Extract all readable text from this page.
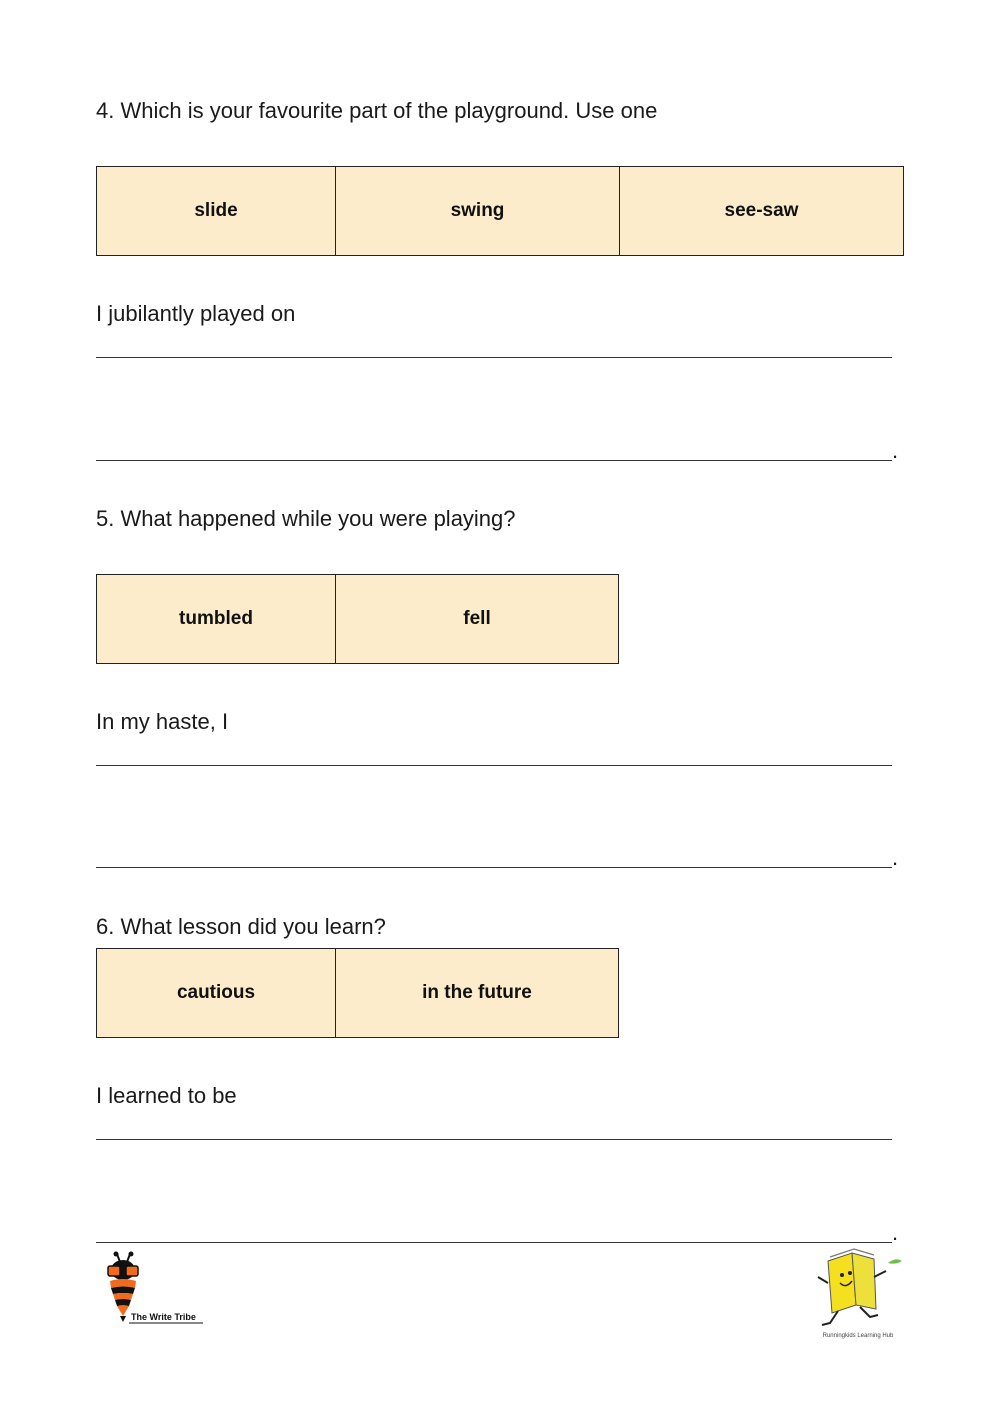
4. Which is your favourite part of the playground. Use one

slide	swing	see-saw

I jubilantly played on

.

5. What happened while you were playing?

tumbled	fell

In my haste, I

.

6. What lesson did you learn?

cautious	in the future

I learned to be

.
The Write Tribe
Runningkids Learning Hub
